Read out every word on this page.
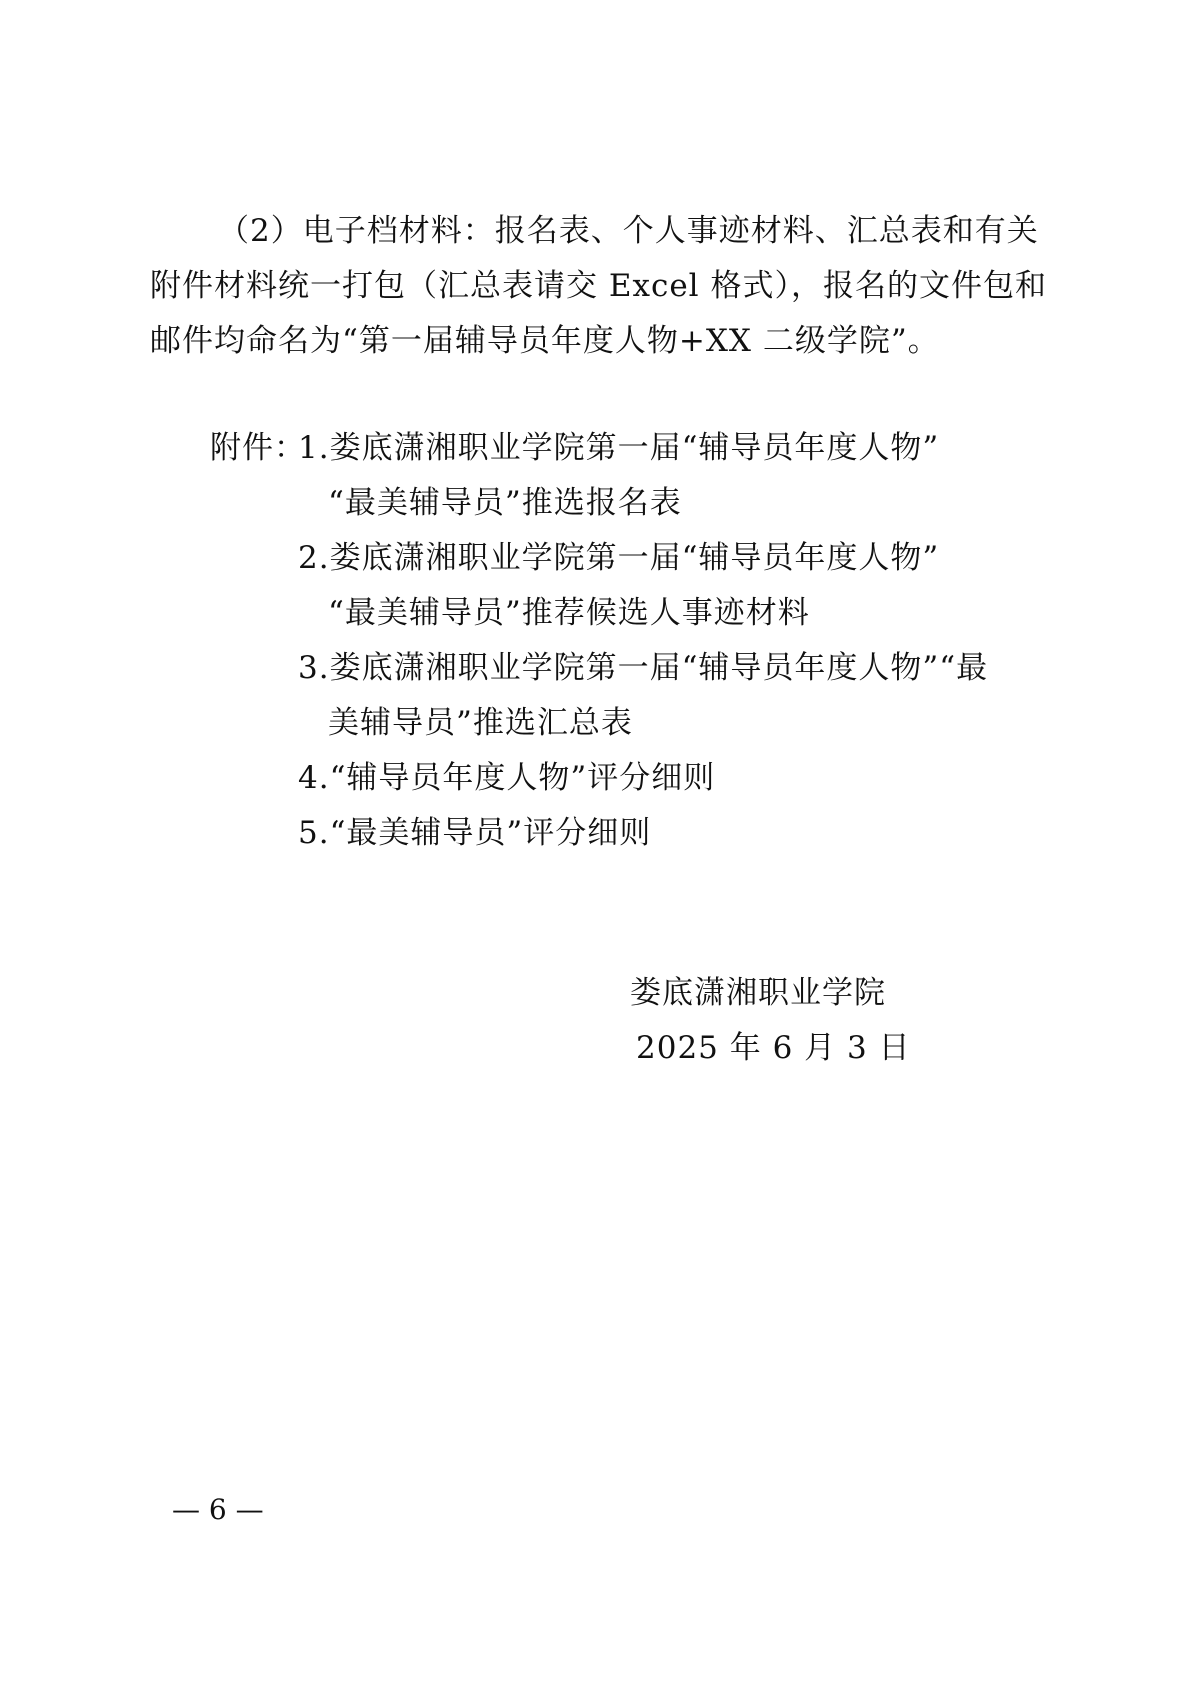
（2）电子档材料：报名表、个人事迹材料、汇总表和有关
附件材料统一打包（汇总表请交 Excel 格式），报名的文件包和
邮件均命名为“第一届辅导员年度人物+XX 二级学院”。
附件：
1.娄底潇湘职业学院第一届“辅导员年度人物”
“最美辅导员”推选报名表
2.娄底潇湘职业学院第一届“辅导员年度人物”
“最美辅导员”推荐候选人事迹材料
3.娄底潇湘职业学院第一届“辅导员年度人物”“最
美辅导员”推选汇总表
4.“辅导员年度人物”评分细则
5.“最美辅导员”评分细则
娄底潇湘职业学院
2025 年 6 月 3 日
— 6 —
